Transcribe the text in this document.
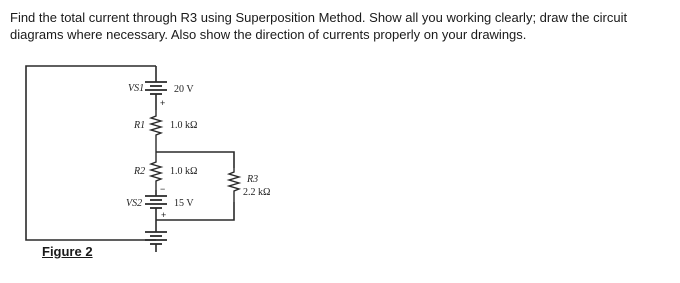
Find the total current through R3 using Superposition Method. Show all you working clearly; draw the circuit diagrams where necessary. Also show the direction of currents properly on your drawings.

+
VS1	20 V
R1 1.0 kΩ
R2 1.0 kΩ
−
+
VS2	15 V
R3
2.2 kΩ

Figure 2
